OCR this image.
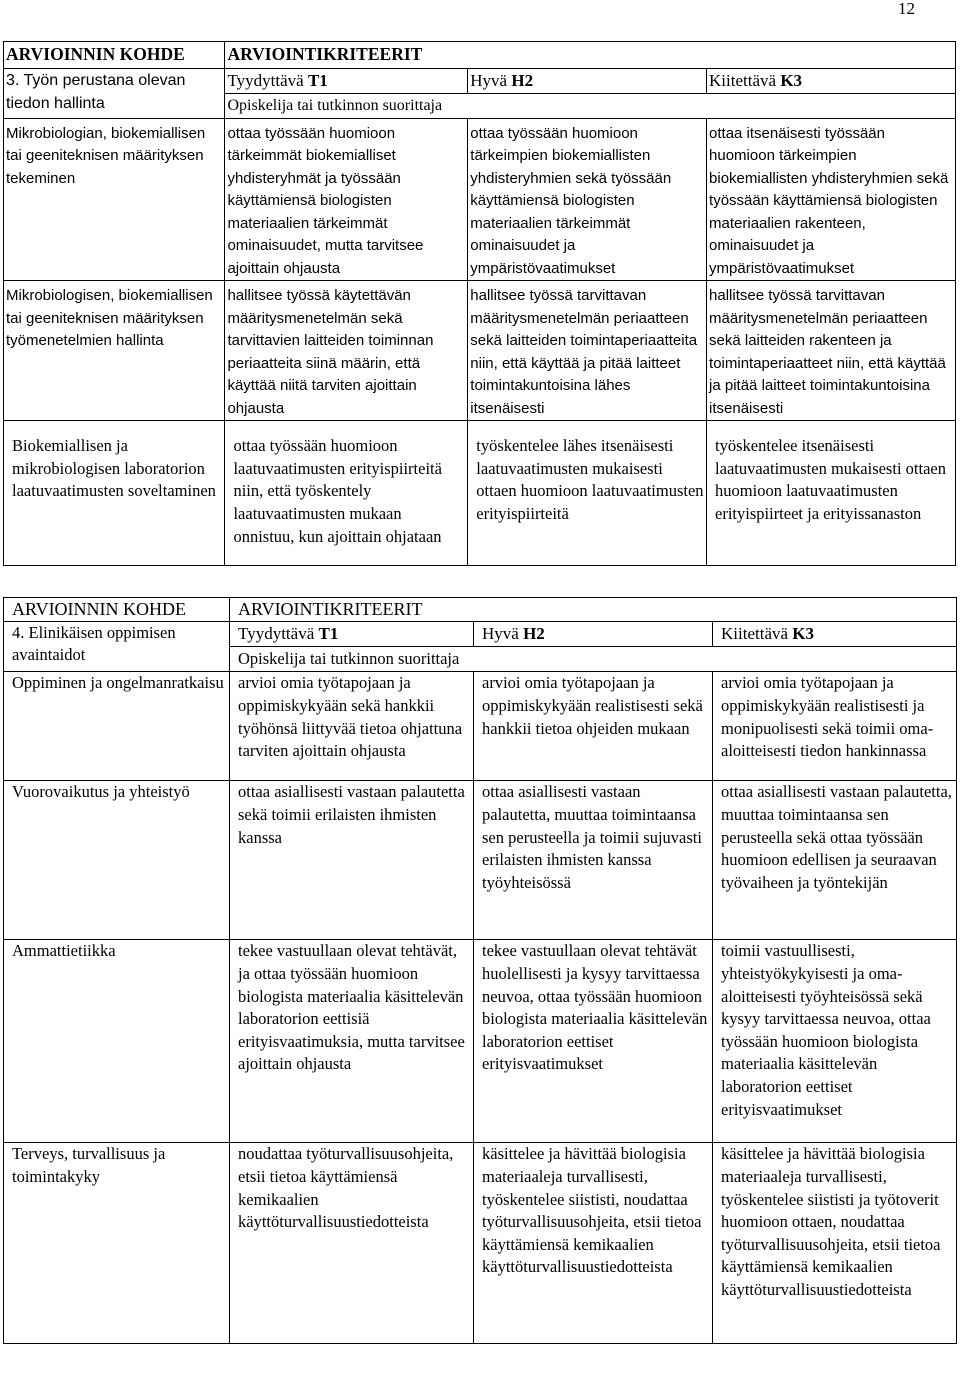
12
ARVIOINNIN KOHDE	ARVIOINTIKRITEERIT		
3. Työn perustana olevan tiedon hallinta	Tyydyttävä T1	Hyvä H2	Kiitettävä K3
	Opiskelija tai tutkinnon suorittaja		
Mikrobiologian, biokemiallisen tai geeniteknisen määrityksen tekeminen	ottaa työssään huomioon tärkeimmät biokemialliset yhdisteryhmät ja työssään käyttämiensä biologisten materiaalien tärkeimmät ominaisuudet, mutta tarvitsee ajoittain ohjausta	ottaa työssään huomioon tärkeimpien biokemiallisten yhdisteryhmien sekä työssään käyttämiensä biologisten materiaalien tärkeimmät ominaisuudet ja ympäristövaatimukset	ottaa itsenäisesti työssään huomioon tärkeimpien biokemiallisten yhdisteryhmien sekä työssään käyttämiensä biologisten materiaalien rakenteen, ominaisuudet ja ympäristövaatimukset
Mikrobiologisen, biokemiallisen tai geeniteknisen määrityksen työmenetelmien hallinta	hallitsee työssä käytettävän määritysmenetelmän sekä tarvittavien laitteiden toiminnan periaatteita siinä määrin, että käyttää niitä tarviten ajoittain ohjausta	hallitsee työssä tarvittavan määritysmenetelmän periaatteen sekä laitteiden toimintaperiaatteita niin, että käyttää ja pitää laitteet toimintakuntoisina lähes itsenäisesti	hallitsee työssä tarvittavan määritysmenetelmän periaatteen sekä laitteiden rakenteen ja toimintaperiaatteet niin, että käyttää ja pitää laitteet toimintakuntoisina itsenäisesti
Biokemiallisen ja mikrobiologisen laboratorion laatuvaatimusten soveltaminen	ottaa työssään huomioon laatuvaatimusten erityispiirteitä niin, että työskentely laatuvaatimusten mukaan onnistuu, kun ajoittain ohjataan	työskentelee lähes itsenäisesti laatuvaatimusten mukaisesti ottaen huomioon laatuvaatimusten erityispiirteitä	työskentelee itsenäisesti laatuvaatimusten mukaisesti ottaen huomioon laatuvaatimusten erityispiirteet ja erityissanaston
ARVIOINNIN KOHDE	ARVIOINTIKRITEERIT		
4. Elinikäisen oppimisen avaintaidot	Tyydyttävä T1	Hyvä H2	Kiitettävä K3
	Opiskelija tai tutkinnon suorittaja		
Oppiminen ja ongelmanratkaisu	arvioi omia työtapojaan ja oppimiskykyään sekä hankkii työhönsä liittyvää tietoa ohjattuna tarviten ajoittain ohjausta	arvioi omia työtapojaan ja oppimiskykyään realistisesti sekä hankkii tietoa ohjeiden mukaan	arvioi omia työtapojaan ja oppimiskykyään realistisesti ja monipuolisesti sekä toimii oma-aloitteisesti tiedon hankinnassa
Vuorovaikutus ja yhteistyö	ottaa asiallisesti vastaan palautetta sekä toimii erilaisten ihmisten kanssa	ottaa asiallisesti vastaan palautetta, muuttaa toimintaansa sen perusteella ja toimii sujuvasti erilaisten ihmisten kanssa työyhteisössä	ottaa asiallisesti vastaan palautetta, muuttaa toimintaansa sen perusteella sekä ottaa työssään huomioon edellisen ja seuraavan työvaiheen ja työntekijän
Ammattietiikka	tekee vastuullaan olevat tehtävät, ja ottaa työssään huomioon biologista materiaalia käsittelevän laboratorion eettisiä erityisvaatimuksia, mutta tarvitsee ajoittain ohjausta	tekee vastuullaan olevat tehtävät huolellisesti ja kysyy tarvittaessa neuvoa, ottaa työssään huomioon biologista materiaalia käsittelevän laboratorion eettiset erityisvaatimukset	toimii vastuullisesti, yhteistyökykyisesti ja oma-aloitteisesti työyhteisössä sekä kysyy tarvittaessa neuvoa, ottaa työssään huomioon biologista materiaalia käsittelevän laboratorion eettiset erityisvaatimukset
Terveys, turvallisuus ja toimintakyky	noudattaa työturvallisuusohjeita, etsii tietoa käyttämiensä kemikaalien käyttöturvallisuustiedotteista	käsittelee ja hävittää biologisia materiaaleja turvallisesti, työskentelee siististi, noudattaa työturvallisuusohjeita, etsii tietoa käyttämiensä kemikaalien käyttöturvallisuustiedotteista	käsittelee ja hävittää biologisia materiaaleja turvallisesti, työskentelee siististi ja työtoverit huomioon ottaen, noudattaa työturvallisuusohjeita, etsii tietoa käyttämiensä kemikaalien käyttöturvallisuustiedotteista
